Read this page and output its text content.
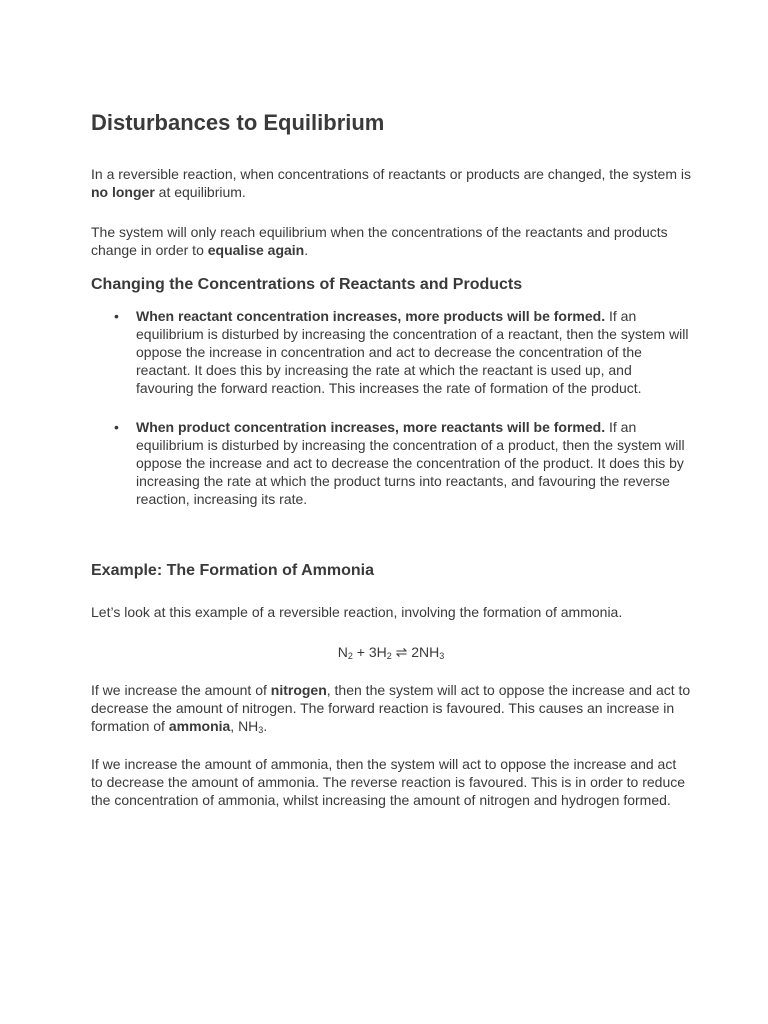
Disturbances to Equilibrium

In a reversible reaction, when concentrations of reactants or products are changed, the system is no longer at equilibrium.

The system will only reach equilibrium when the concentrations of the reactants and products change in order to equalise again.

Changing the Concentrations of Reactants and Products
• When reactant concentration increases, more products will be formed. If an equilibrium is disturbed by increasing the concentration of a reactant, then the system will oppose the increase in concentration and act to decrease the concentration of the reactant. It does this by increasing the rate at which the reactant is used up, and favouring the forward reaction. This increases the rate of formation of the product.
• When product concentration increases, more reactants will be formed. If an equilibrium is disturbed by increasing the concentration of a product, then the system will oppose the increase and act to decrease the concentration of the product. It does this by increasing the rate at which the product turns into reactants, and favouring the reverse reaction, increasing its rate.
Example: The Formation of Ammonia

Let’s look at this example of a reversible reaction, involving the formation of ammonia.

$N_2 + 3H_2$ ⇌ $2NH_3$

If we increase the amount of nitrogen, then the system will act to oppose the increase and act to decrease the amount of nitrogen. The forward reaction is favoured. This causes an increase in formation of ammonia, $NH_3$.

If we increase the amount of ammonia, then the system will act to oppose the increase and act to decrease the amount of ammonia. The reverse reaction is favoured. This is in order to reduce the concentration of ammonia, whilst increasing the amount of nitrogen and hydrogen formed.
